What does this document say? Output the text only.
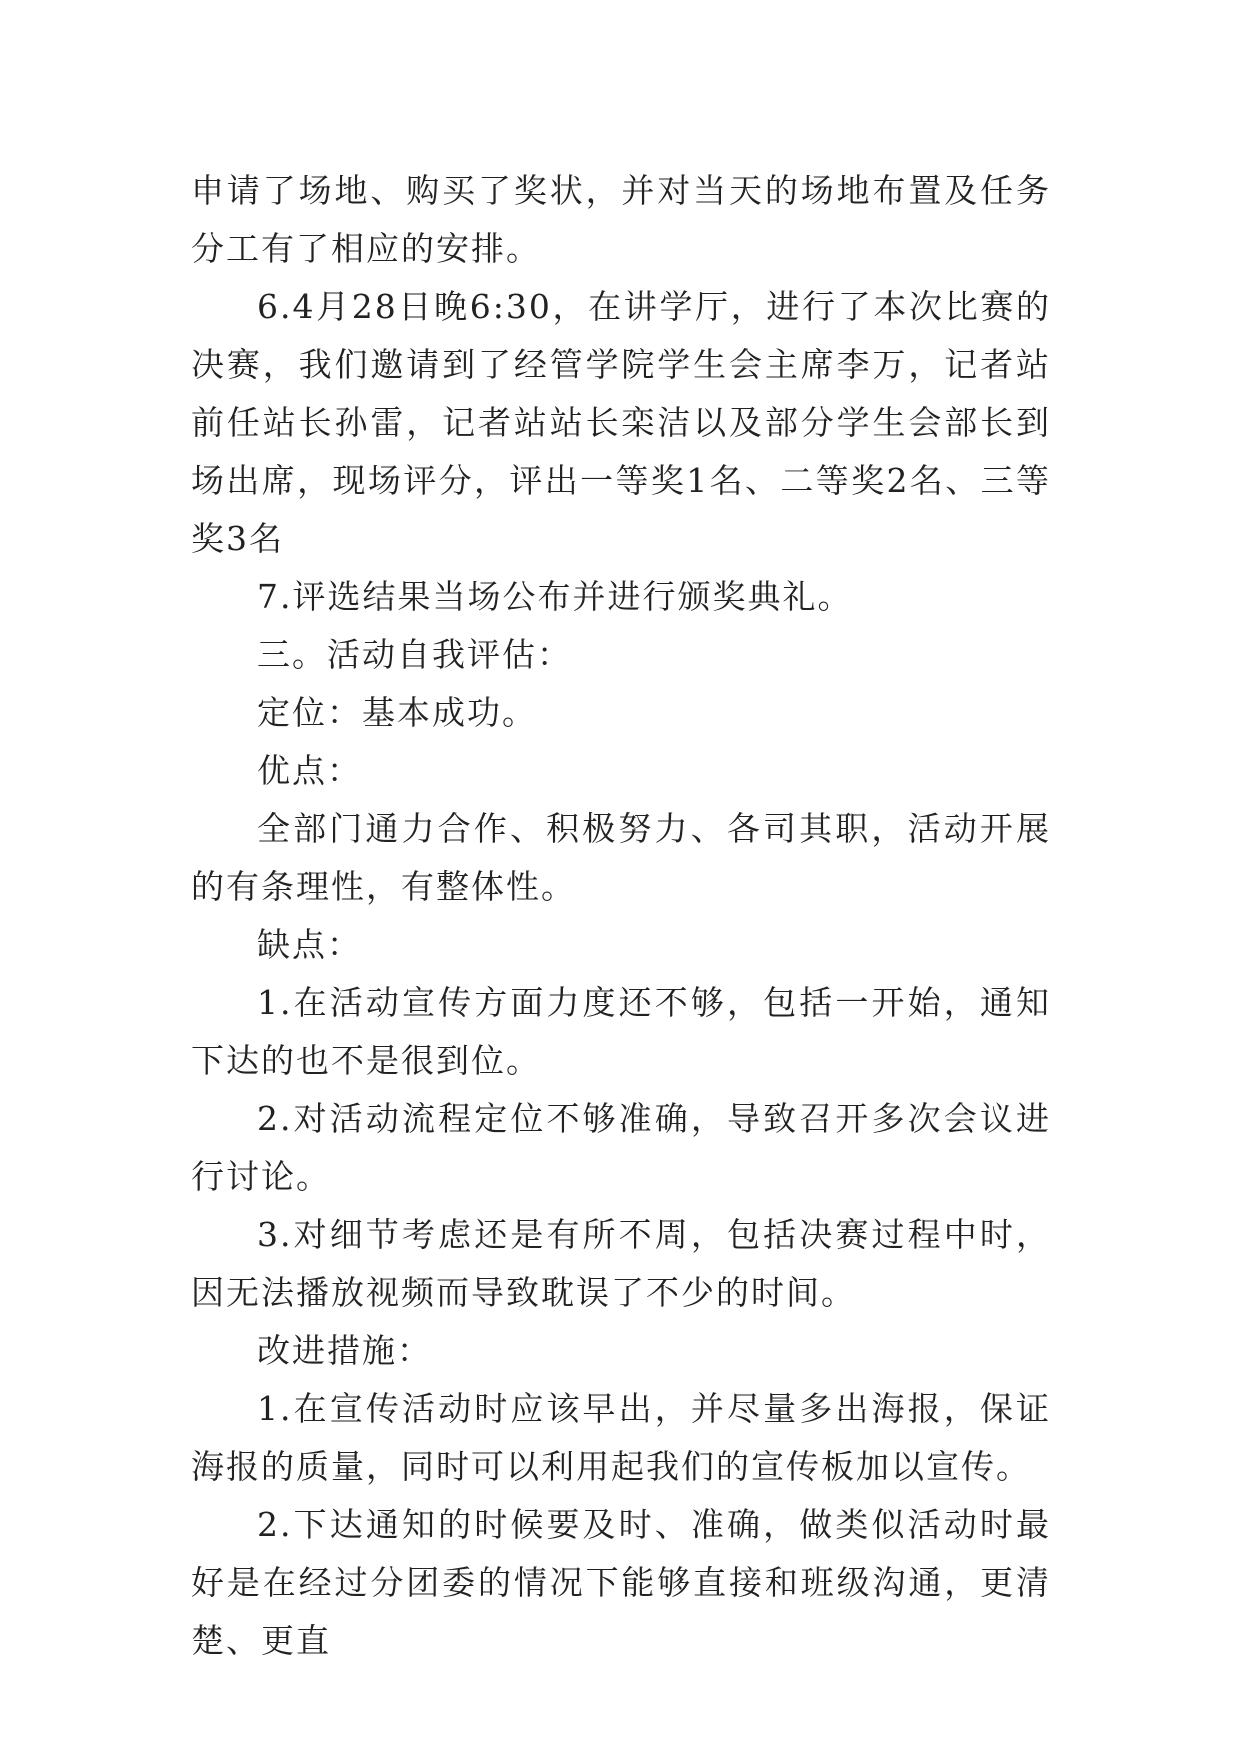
申请了场地、购买了奖状，并对当天的场地布置及任务分工有了相应的安排。

6.4月28日晚6:30，在讲学厅，进行了本次比赛的决赛，我们邀请到了经管学院学生会主席李万，记者站前任站长孙雷，记者站站长栾洁以及部分学生会部长到场出席，现场评分，评出一等奖1名、二等奖2名、三等奖3名

7.评选结果当场公布并进行颁奖典礼。

三。活动自我评估：

定位：基本成功。

优点：

全部门通力合作、积极努力、各司其职，活动开展的有条理性，有整体性。

缺点：

1.在活动宣传方面力度还不够，包括一开始，通知下达的也不是很到位。

2.对活动流程定位不够准确，导致召开多次会议进行讨论。

3.对细节考虑还是有所不周，包括决赛过程中时，因无法播放视频而导致耽误了不少的时间。

改进措施：

1.在宣传活动时应该早出，并尽量多出海报，保证海报的质量，同时可以利用起我们的宣传板加以宣传。

2.下达通知的时候要及时、准确，做类似活动时最好是在经过分团委的情况下能够直接和班级沟通，更清楚、更直
